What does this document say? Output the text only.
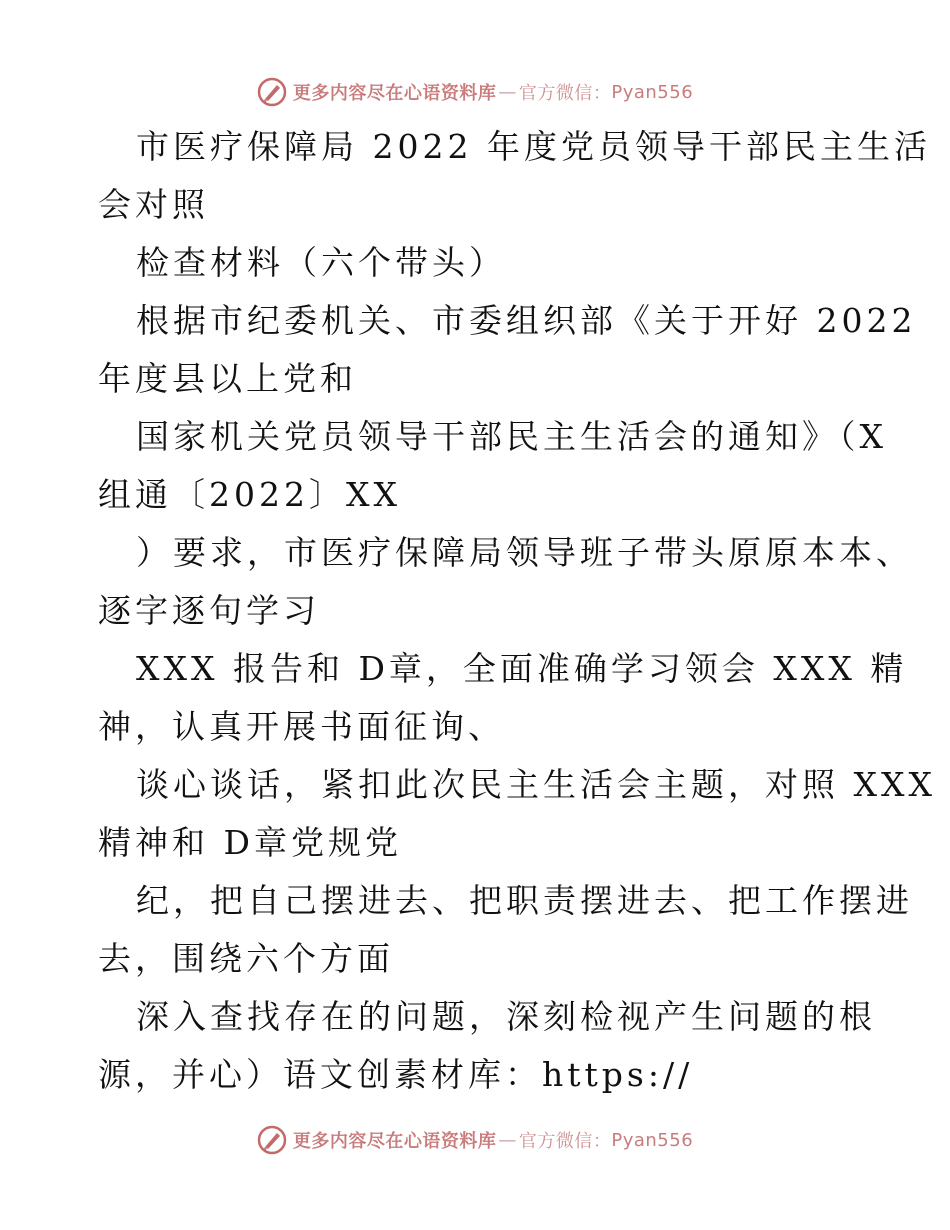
更多内容尽在心语资料库 — 官方微信： Pyan556
市医疗保障局 2022 年度党员领导干部民主生活
会对照
检查材料（六个带头）
根据市纪委机关、市委组织部《关于开好 2022
年度县以上党和
国家机关党员领导干部民主生活会的通知》（X
组通〔2022〕XX
）要求，市医疗保障局领导班子带头原原本本、
逐字逐句学习
XXX 报告和 D章，全面准确学习领会 XXX 精
神，认真开展书面征询、
谈心谈话，紧扣此次民主生活会主题，对照 XXX
精神和 D章党规党
纪，把自己摆进去、把职责摆进去、把工作摆进
去，围绕六个方面
深入查找存在的问题，深刻检视产生问题的根
源，并心）语文创素材库：https://
更多内容尽在心语资料库 — 官方微信： Pyan556
